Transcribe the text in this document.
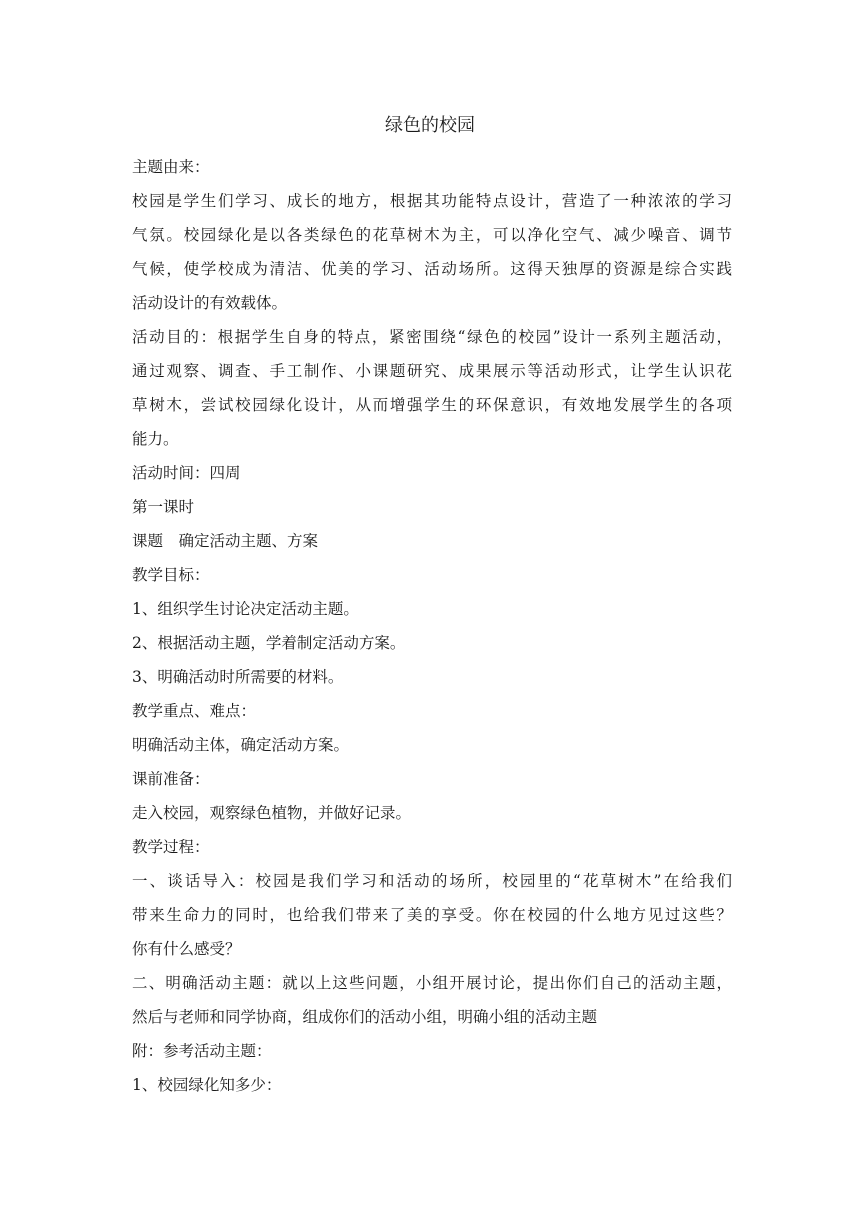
绿色的校园

主题由来：

校园是学生们学习、成长的地方，根据其功能特点设计，营造了一种浓浓的学习

气氛。校园绿化是以各类绿色的花草树木为主，可以净化空气、减少噪音、调节

气候，使学校成为清洁、优美的学习、活动场所。这得天独厚的资源是综合实践

活动设计的有效载体。

活动目的：根据学生自身的特点，紧密围绕“绿色的校园”设计一系列主题活动，

通过观察、调查、手工制作、小课题研究、成果展示等活动形式，让学生认识花

草树木，尝试校园绿化设计，从而增强学生的环保意识，有效地发展学生的各项

能力。

活动时间：四周

第一课时

课题　确定活动主题、方案

教学目标：

1、组织学生讨论决定活动主题。

2、根据活动主题，学着制定活动方案。

3、明确活动时所需要的材料。

教学重点、难点：

明确活动主体，确定活动方案。

课前准备：

走入校园，观察绿色植物，并做好记录。

教学过程：

一、谈话导入：校园是我们学习和活动的场所，校园里的“花草树木”在给我们

带来生命力的同时，也给我们带来了美的享受。你在校园的什么地方见过这些？

你有什么感受？

二、明确活动主题：就以上这些问题，小组开展讨论，提出你们自己的活动主题，

然后与老师和同学协商，组成你们的活动小组，明确小组的活动主题

附：参考活动主题：

1、校园绿化知多少：
